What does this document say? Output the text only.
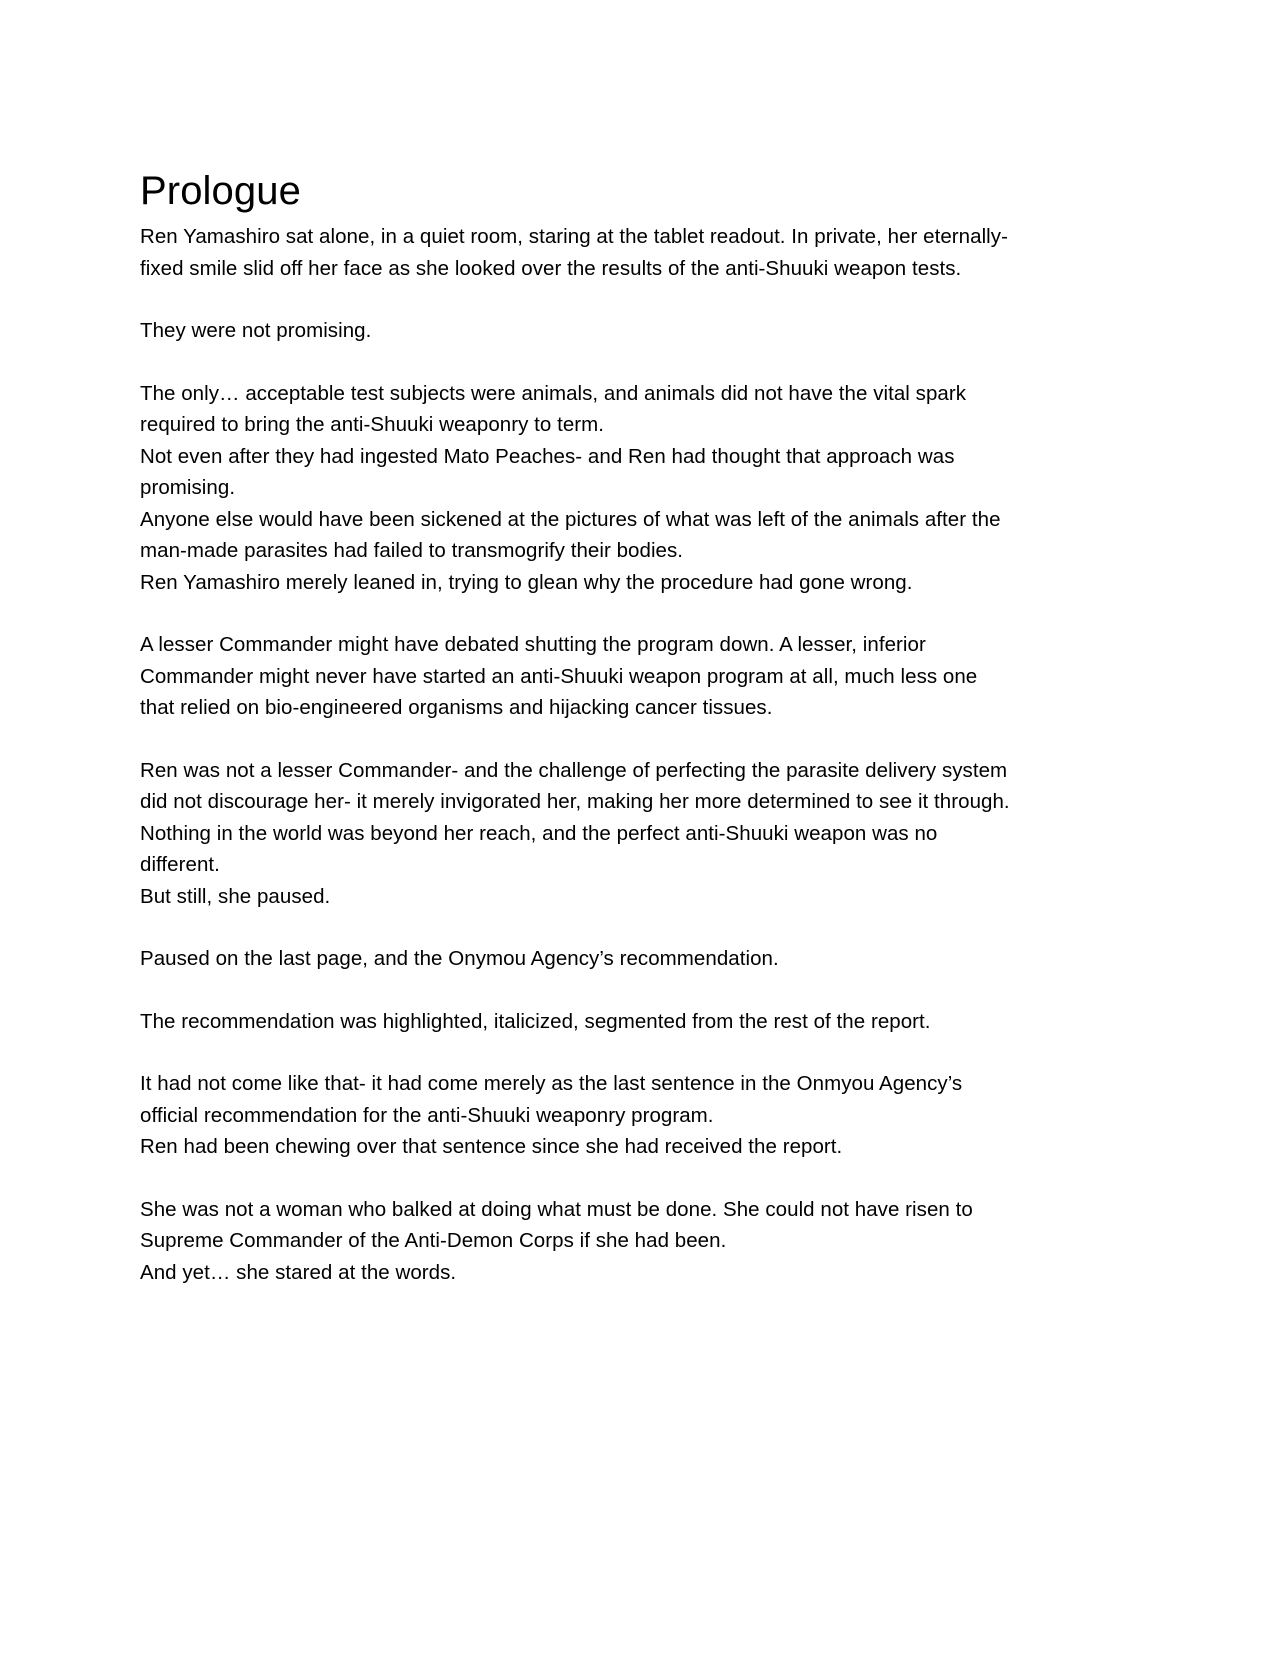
Prologue

Ren Yamashiro sat alone, in a quiet room, staring at the tablet readout. In private, her eternally-
fixed smile slid off her face as she looked over the results of the anti-Shuuki weapon tests.

They were not promising.

The only… acceptable test subjects were animals, and animals did not have the vital spark
required to bring the anti-Shuuki weaponry to term.
Not even after they had ingested Mato Peaches- and Ren had thought that approach was
promising.
Anyone else would have been sickened at the pictures of what was left of the animals after the
man-made parasites had failed to transmogrify their bodies.
Ren Yamashiro merely leaned in, trying to glean why the procedure had gone wrong.

A lesser Commander might have debated shutting the program down. A lesser, inferior
Commander might never have started an anti-Shuuki weapon program at all, much less one
that relied on bio-engineered organisms and hijacking cancer tissues.

Ren was not a lesser Commander- and the challenge of perfecting the parasite delivery system
did not discourage her- it merely invigorated her, making her more determined to see it through.
Nothing in the world was beyond her reach, and the perfect anti-Shuuki weapon was no
different.
But still, she paused.

Paused on the last page, and the Onymou Agency’s recommendation.

The recommendation was highlighted, italicized, segmented from the rest of the report.

It had not come like that- it had come merely as the last sentence in the Onmyou Agency’s
official recommendation for the anti-Shuuki weaponry program.
Ren had been chewing over that sentence since she had received the report.

She was not a woman who balked at doing what must be done. She could not have risen to
Supreme Commander of the Anti-Demon Corps if she had been.
And yet… she stared at the words.
